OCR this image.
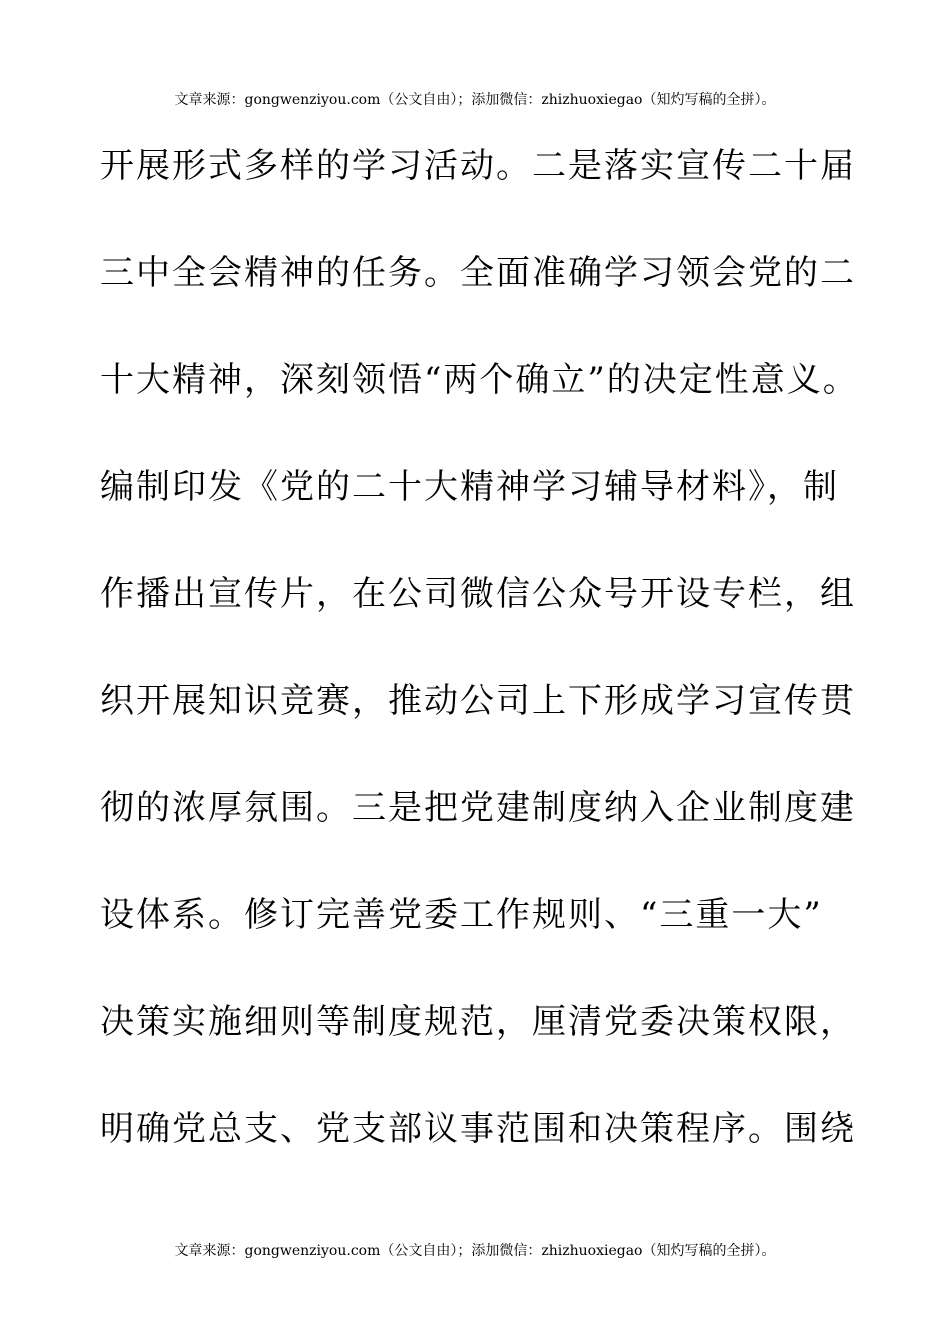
文章来源：gongwenziyou.com（公文自由）；添加微信：zhizhuoxiegao（知灼写稿的全拼）。
开展形式多样的学习活动。二是落实宣传二十届
三中全会精神的任务。全面准确学习领会党的二
十大精神，深刻领悟“两个确立”的决定性意义。
编制印发《党的二十大精神学习辅导材料》，制
作播出宣传片，在公司微信公众号开设专栏，组
织开展知识竞赛，推动公司上下形成学习宣传贯
彻的浓厚氛围。三是把党建制度纳入企业制度建
设体系。修订完善党委工作规则、“三重一大”
决策实施细则等制度规范，厘清党委决策权限，
明确党总支、党支部议事范围和决策程序。围绕
文章来源：gongwenziyou.com（公文自由）；添加微信：zhizhuoxiegao（知灼写稿的全拼）。
